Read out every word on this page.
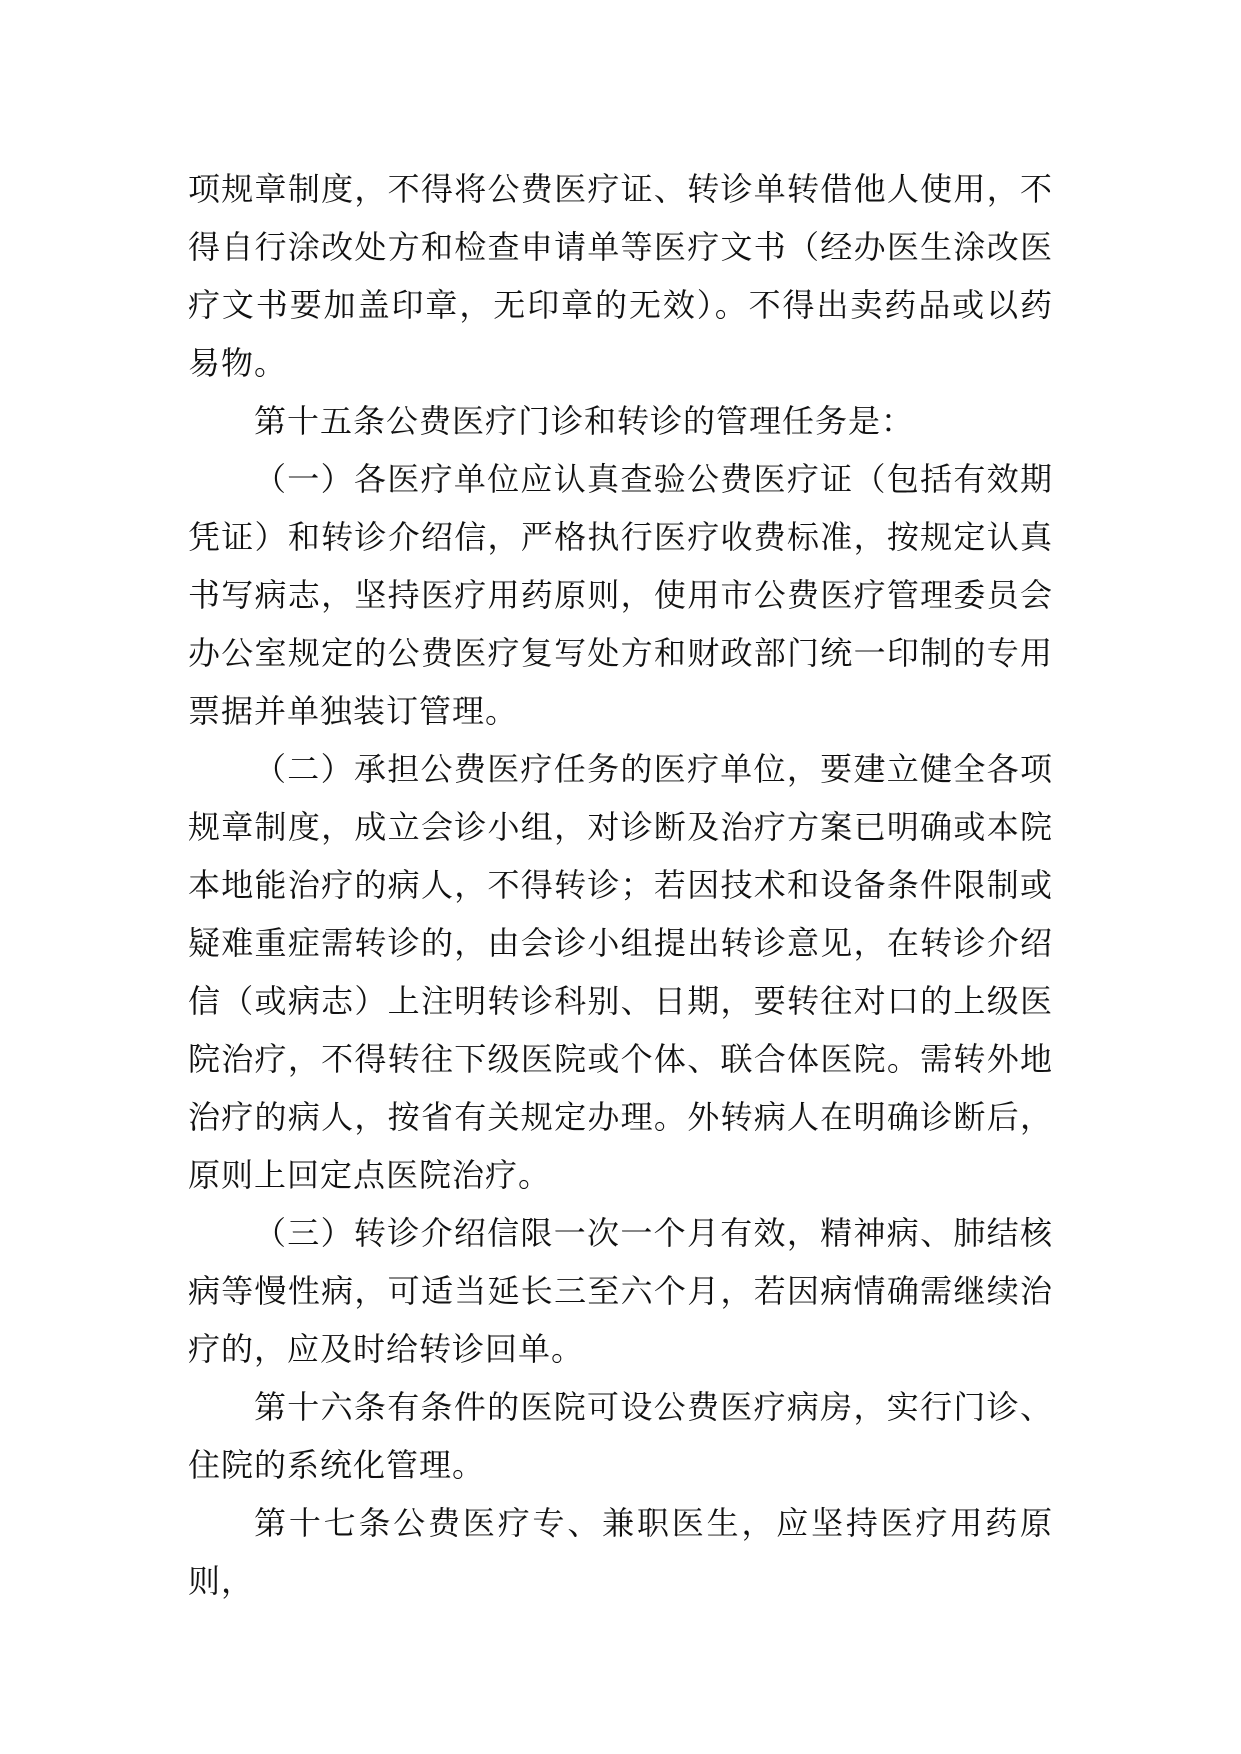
项规章制度，不得将公费医疗证、转诊单转借他人使用，不得自行涂改处方和检查申请单等医疗文书（经办医生涂改医疗文书要加盖印章，无印章的无效）。不得出卖药品或以药易物。

第十五条公费医疗门诊和转诊的管理任务是：

（一）各医疗单位应认真查验公费医疗证（包括有效期凭证）和转诊介绍信，严格执行医疗收费标准，按规定认真书写病志，坚持医疗用药原则，使用市公费医疗管理委员会办公室规定的公费医疗复写处方和财政部门统一印制的专用票据并单独装订管理。

（二）承担公费医疗任务的医疗单位，要建立健全各项规章制度，成立会诊小组，对诊断及治疗方案已明确或本院本地能治疗的病人，不得转诊；若因技术和设备条件限制或疑难重症需转诊的，由会诊小组提出转诊意见，在转诊介绍信（或病志）上注明转诊科别、日期，要转往对口的上级医院治疗，不得转往下级医院或个体、联合体医院。需转外地治疗的病人，按省有关规定办理。外转病人在明确诊断后，原则上回定点医院治疗。

（三）转诊介绍信限一次一个月有效，精神病、肺结核病等慢性病，可适当延长三至六个月，若因病情确需继续治疗的，应及时给转诊回单。

第十六条有条件的医院可设公费医疗病房，实行门诊、住院的系统化管理。

第十七条公费医疗专、兼职医生，应坚持医疗用药原则，
